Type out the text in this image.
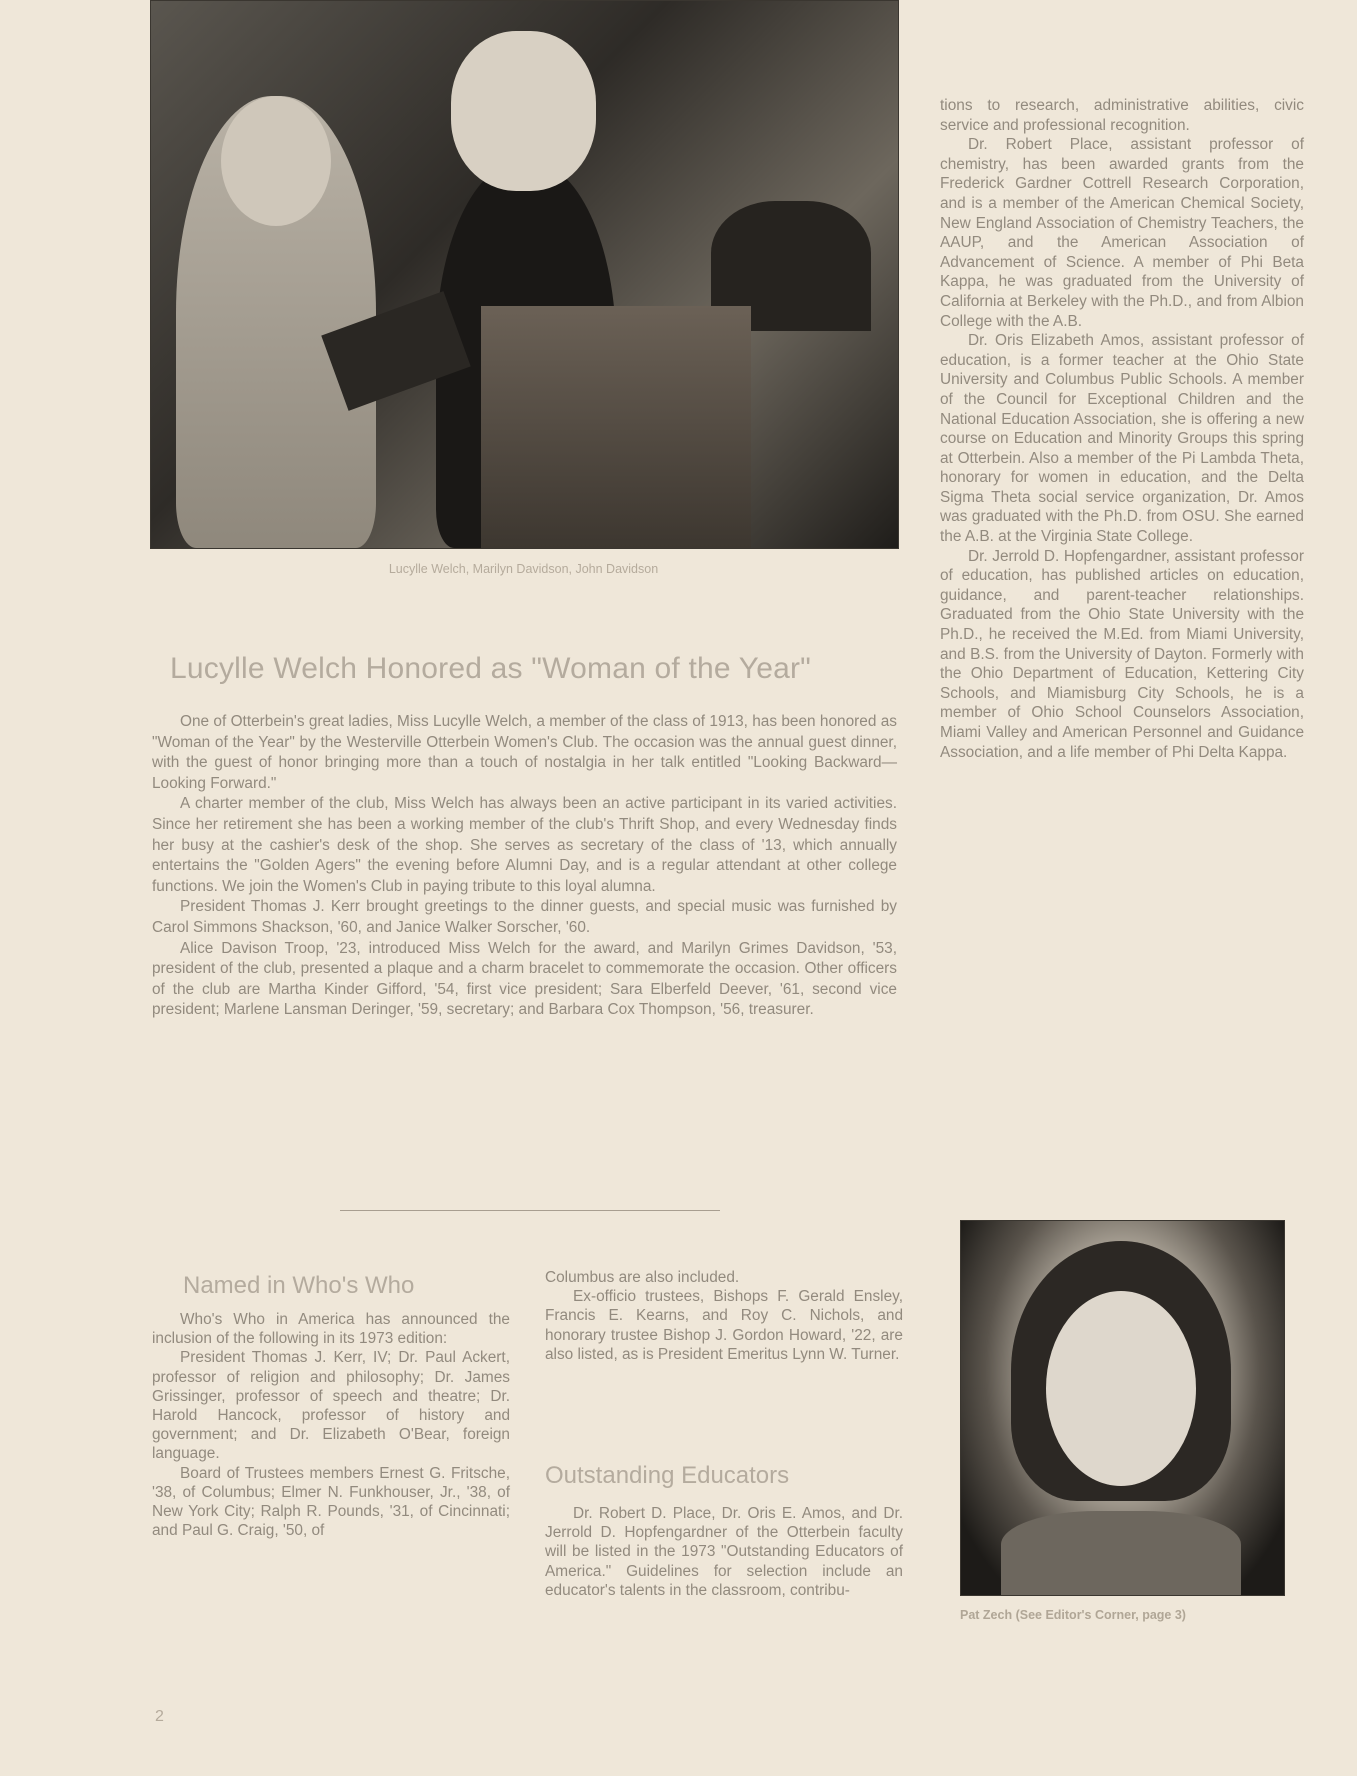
Lucylle Welch, Marilyn Davidson, John Davidson
Lucylle Welch Honored as "Woman of the Year"

One of Otterbein's great ladies, Miss Lucylle Welch, a member of the class of 1913, has been honored as "Woman of the Year" by the Westerville Otterbein Women's Club. The occasion was the annual guest dinner, with the guest of honor bringing more than a touch of nostalgia in her talk entitled "Looking Backward—Looking Forward."

A charter member of the club, Miss Welch has always been an active participant in its varied activities. Since her retirement she has been a working member of the club's Thrift Shop, and every Wednesday finds her busy at the cashier's desk of the shop. She serves as secretary of the class of '13, which annually entertains the "Golden Agers" the evening before Alumni Day, and is a regular attendant at other college functions. We join the Women's Club in paying tribute to this loyal alumna.

President Thomas J. Kerr brought greetings to the dinner guests, and special music was furnished by Carol Simmons Shackson, '60, and Janice Walker Sorscher, '60.

Alice Davison Troop, '23, introduced Miss Welch for the award, and Marilyn Grimes Davidson, '53, president of the club, presented a plaque and a charm bracelet to commemorate the occasion. Other officers of the club are Martha Kinder Gifford, '54, first vice president; Sara Elberfeld Deever, '61, second vice president; Marlene Lansman Deringer, '59, secretary; and Barbara Cox Thompson, '56, treasurer.

tions to research, administrative abilities, civic service and professional recognition.

Dr. Robert Place, assistant professor of chemistry, has been awarded grants from the Frederick Gardner Cottrell Research Corporation, and is a member of the American Chemical Society, New England Association of Chemistry Teachers, the AAUP, and the American Association of Advancement of Science. A member of Phi Beta Kappa, he was graduated from the University of California at Berkeley with the Ph.D., and from Albion College with the A.B.

Dr. Oris Elizabeth Amos, assistant professor of education, is a former teacher at the Ohio State University and Columbus Public Schools. A member of the Council for Exceptional Children and the National Education Association, she is offering a new course on Education and Minority Groups this spring at Otterbein. Also a member of the Pi Lambda Theta, honorary for women in education, and the Delta Sigma Theta social service organization, Dr. Amos was graduated with the Ph.D. from OSU. She earned the A.B. at the Virginia State College.

Dr. Jerrold D. Hopfengardner, assistant professor of education, has published articles on education, guidance, and parent-teacher relationships. Graduated from the Ohio State University with the Ph.D., he received the M.Ed. from Miami University, and B.S. from the University of Dayton. Formerly with the Ohio Department of Education, Kettering City Schools, and Miamisburg City Schools, he is a member of Ohio School Counselors Association, Miami Valley and American Personnel and Guidance Association, and a life member of Phi Delta Kappa.

Pat Zech (See Editor's Corner, page 3)
Named in Who's Who

Who's Who in America has announced the inclusion of the following in its 1973 edition:

President Thomas J. Kerr, IV; Dr. Paul Ackert, professor of religion and philosophy; Dr. James Grissinger, professor of speech and theatre; Dr. Harold Hancock, professor of history and government; and Dr. Elizabeth O'Bear, foreign language.

Board of Trustees members Ernest G. Fritsche, '38, of Columbus; Elmer N. Funkhouser, Jr., '38, of New York City; Ralph R. Pounds, '31, of Cincinnati; and Paul G. Craig, '50, of

Columbus are also included.

Ex-officio trustees, Bishops F. Gerald Ensley, Francis E. Kearns, and Roy C. Nichols, and honorary trustee Bishop J. Gordon Howard, '22, are also listed, as is President Emeritus Lynn W. Turner.

Outstanding Educators

Dr. Robert D. Place, Dr. Oris E. Amos, and Dr. Jerrold D. Hopfengardner of the Otterbein faculty will be listed in the 1973 "Outstanding Educators of America." Guidelines for selection include an educator's talents in the classroom, contribu-

2
